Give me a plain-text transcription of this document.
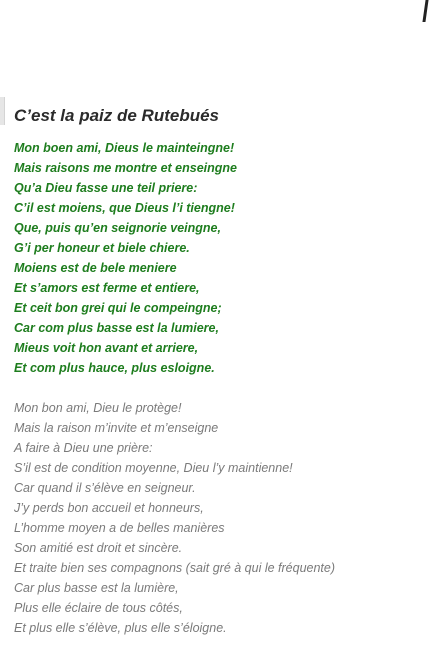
C’est la paiz de Rutebués
Mon boen ami, Dieus le mainteingne!
Mais raisons me montre et enseingne
Qu’a Dieu fasse une teil priere:
C’il est moiens, que Dieus l’i tiengne!
Que, puis qu’en seignorie veingne,
G’i per honeur et biele chiere.
Moiens est de bele meniere
Et s’amors est ferme et entiere,
Et ceit bon grei qui le compeingne;
Car com plus basse est la lumiere,
Mieus voit hon avant et arriere,
Et com plus hauce, plus esloigne.
Mon bon ami, Dieu le protège!
Mais la raison m’invite et m’enseigne
A faire à Dieu une prière:
S’il est de condition moyenne, Dieu l’y maintienne!
Car quand il s’élève en seigneur.
J’y perds bon accueil et honneurs,
L’homme moyen a de belles manières
Son amitié est droit et sincère.
Et traite bien ses compagnons (sait gré à qui le fréquente)
Car plus basse est la lumière,
Plus elle éclaire de tous côtés,
Et plus elle s’élève, plus elle s’éloigne.
